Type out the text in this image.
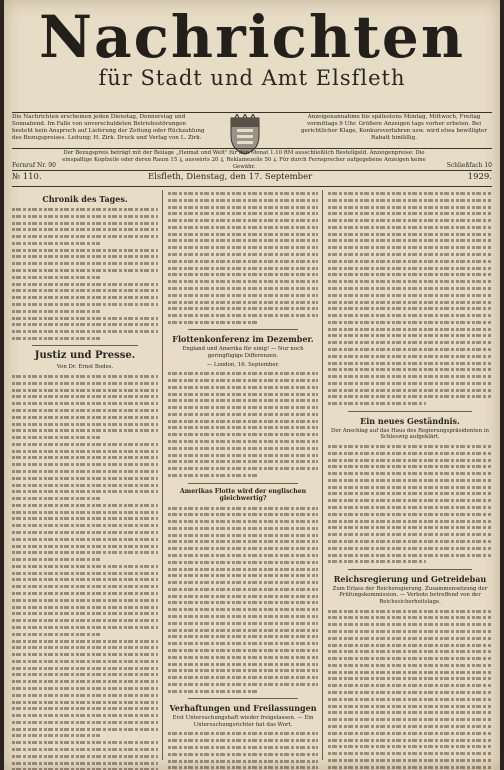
Nachrichten
für Stadt und Amt Elsfleth
Die Nachrichten erscheinen jeden Dienstag, Donnerstag und Sonnabend. Im Falle von unverschuldeten Betriebsstörungen besteht kein Anspruch auf Lieferung der Zeitung oder Rückzahlung des Bezugspreises. Leitung: H. Zirk. Druck und Verlag von L. Zirk.
Anzeigenannahme bis spätestens Montag, Mittwoch, Freitag vormittags 9 Uhr. Größere Anzeigen tags vorher erbeten. Bei gerichtlicher Klage, Konkursverfahren usw. wird etwa bewilligter Rabatt hinfällig.
Der Bezugspreis beträgt mit der Beilage „Heimat und Welt" für den Monat 1.10 RM ausschließlich Bestellgeld. Anzeigenpreise: Die einspaltige Kopfzeile oder deren Raum 15 ₰, auswärts 20 ₰, Reklamezeile 50 ₰. Für durch Fernsprecher aufgegebene Anzeigen keine Gewähr.
Fernruf Nr. 90	Schließfach 10
№ 110.	Elsfleth, Dienstag, den 17. September	1929.
Chronik des Tages.
Justiz und Presse.
Von Dr. Ernst Bodes.
Flottenkonferenz im Dezember.
England und Amerika für einig! — Nur noch geringfügige Differenzen.
— London, 16. September.
Amerikas Flotte wird der englischen gleichwertig?
Verhaftungen und Freilassungen
Erst Untersuchungshaft wieder freigelassen. — Ein Untersuchungsrichter hat das Wort.
Ein neues Geständnis.
Der Anschlag auf das Haus des Regierungspräsidenten in Schleswig aufgeklärt.
Reichsregierung und Getreidebau
Zum Erlass der Reichsregierung. Zusammensetzung der Prüfungskommission. — Verbote betreffend von der Reichssicherheitslage.
